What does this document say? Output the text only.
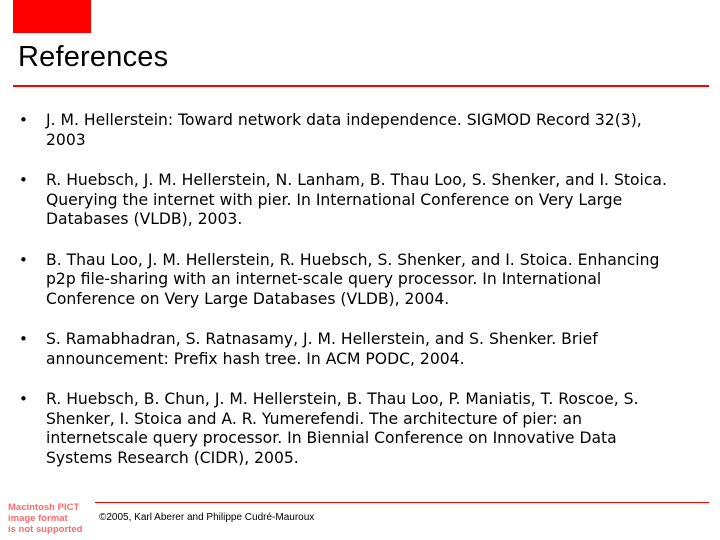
References
• J. M. Hellerstein: Toward network data independence. SIGMOD Record 32(3), 2003
• R. Huebsch, J. M. Hellerstein, N. Lanham, B. Thau Loo, S. Shenker, and I. Stoica. Querying the internet with pier. In International Conference on Very Large Databases (VLDB), 2003.
• B. Thau Loo, J. M. Hellerstein, R. Huebsch, S. Shenker, and I. Stoica. Enhancing p2p file-sharing with an internet-scale query processor. In International Conference on Very Large Databases (VLDB), 2004.
• S. Ramabhadran, S. Ratnasamy, J. M. Hellerstein, and S. Shenker. Brief announcement: Prefix hash tree. In ACM PODC, 2004.
• R. Huebsch, B. Chun, J. M. Hellerstein, B. Thau Loo, P. Maniatis, T. Roscoe, S. Shenker, I. Stoica and A. R. Yumerefendi. The architecture of pier: an internetscale query processor. In Biennial Conference on Innovative Data Systems Research (CIDR), 2005.
Macintosh PICT
image format
is not supported
©2005, Karl Aberer and Philippe Cudré-Mauroux
